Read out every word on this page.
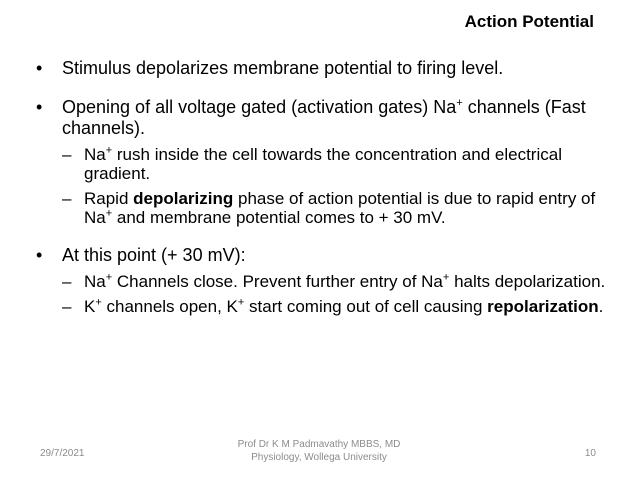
Action Potential
• Stimulus depolarizes membrane potential to firing level.
• Opening of all voltage gated (activation gates) Na+ channels (Fast channels).
– Na+ rush inside the cell towards the concentration and electrical gradient.
– Rapid depolarizing phase of action potential is due to rapid entry of Na+ and membrane potential comes to + 30 mV.
• At this point (+ 30 mV):
– Na+ Channels close. Prevent further entry of Na+ halts depolarization.
– K+ channels open, K+ start coming out of cell causing repolarization.
29/7/2021
Prof Dr K M Padmavathy MBBS, MD
Physiology, Wollega University	10
